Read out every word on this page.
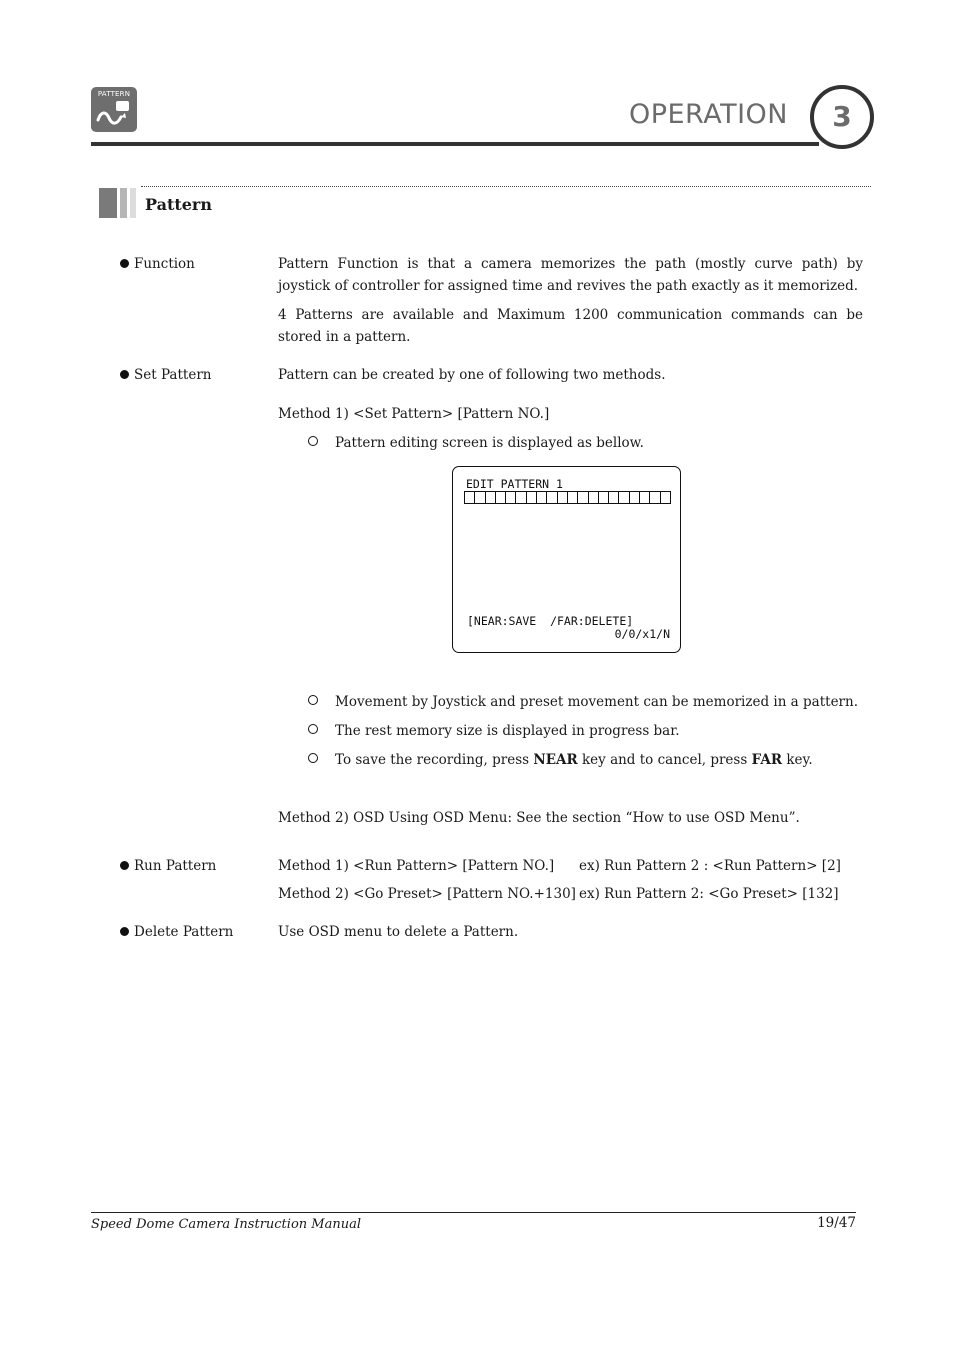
PATTERN
OPERATION	3
Pattern
Function	Pattern Function is that a camera memorizes the path (mostly curve path) by joystick of controller for assigned time and revives the path exactly as it memorized.
4 Patterns are available and Maximum 1200 communication commands can be stored in a pattern.
Set Pattern	Pattern can be created by one of following two methods.
Method 1) <Set Pattern> [Pattern NO.]
Pattern editing screen is displayed as bellow.
EDIT PATTERN 1
[NEAR:SAVE  /FAR:DELETE]
0/0/x1/N
Movement by Joystick and preset movement can be memorized in a pattern.
The rest memory size is displayed in progress bar.
To save the recording, press NEAR key and to cancel, press FAR key.
Method 2) OSD Using OSD Menu: See the section “How to use OSD Menu”.
Run Pattern	Method 1) <Run Pattern> [Pattern NO.] ex) Run Pattern 2 : <Run Pattern> [2]
Method 2) <Go Preset> [Pattern NO.+130] ex) Run Pattern 2: <Go Preset> [132]
Delete Pattern	Use OSD menu to delete a Pattern.
Speed Dome Camera Instruction Manual	19/47
